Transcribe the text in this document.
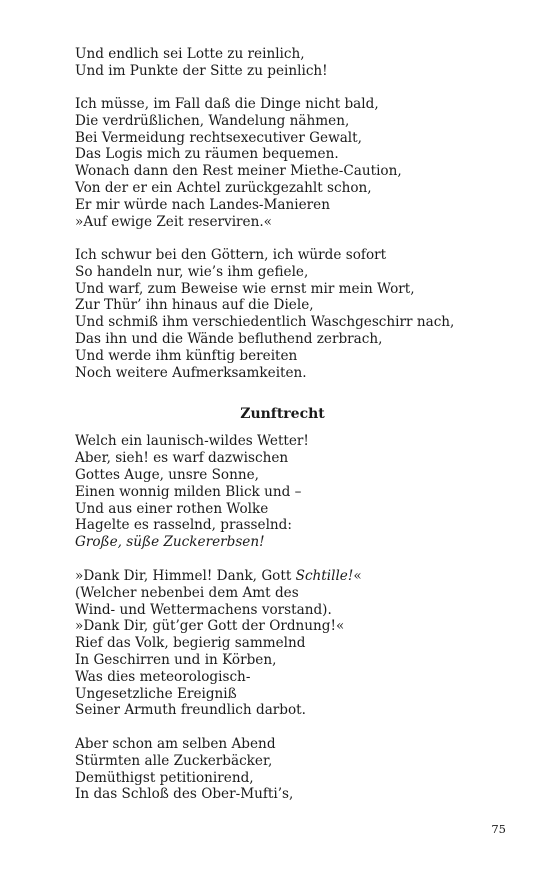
Und endlich sei Lotte zu reinlich,
Und im Punkte der Sitte zu peinlich!
Ich müsse, im Fall daß die Dinge nicht bald,
Die verdrüßlichen, Wandelung nähmen,
Bei Vermeidung rechtsexecutiver Gewalt,
Das Logis mich zu räumen bequemen.
Wonach dann den Rest meiner Miethe-Caution,
Von der er ein Achtel zurückgezahlt schon,
Er mir würde nach Landes-Manieren
»Auf ewige Zeit reserviren.«
Ich schwur bei den Göttern, ich würde sofort
So handeln nur, wie’s ihm gefiele,
Und warf, zum Beweise wie ernst mir mein Wort,
Zur Thür’ ihn hinaus auf die Diele,
Und schmiß ihm verschiedentlich Waschgeschirr nach,
Das ihn und die Wände befluthend zerbrach,
Und werde ihm künftig bereiten
Noch weitere Aufmerksamkeiten.
Zunftrecht
Welch ein launisch-wildes Wetter!
Aber, sieh! es warf dazwischen
Gottes Auge, unsre Sonne,
Einen wonnig milden Blick und –
Und aus einer rothen Wolke
Hagelte es rasselnd, prasselnd:
Große, süße Zuckererbsen!
»Dank Dir, Himmel! Dank, Gott Schtille!«
(Welcher nebenbei dem Amt des
Wind- und Wettermachens vorstand).
»Dank Dir, güt’ger Gott der Ordnung!«
Rief das Volk, begierig sammelnd
In Geschirren und in Körben,
Was dies meteorologisch-
Ungesetzliche Ereigniß
Seiner Armuth freundlich darbot.
Aber schon am selben Abend
Stürmten alle Zuckerbäcker,
Demüthigst petitionirend,
In das Schloß des Ober-Mufti’s,
75
